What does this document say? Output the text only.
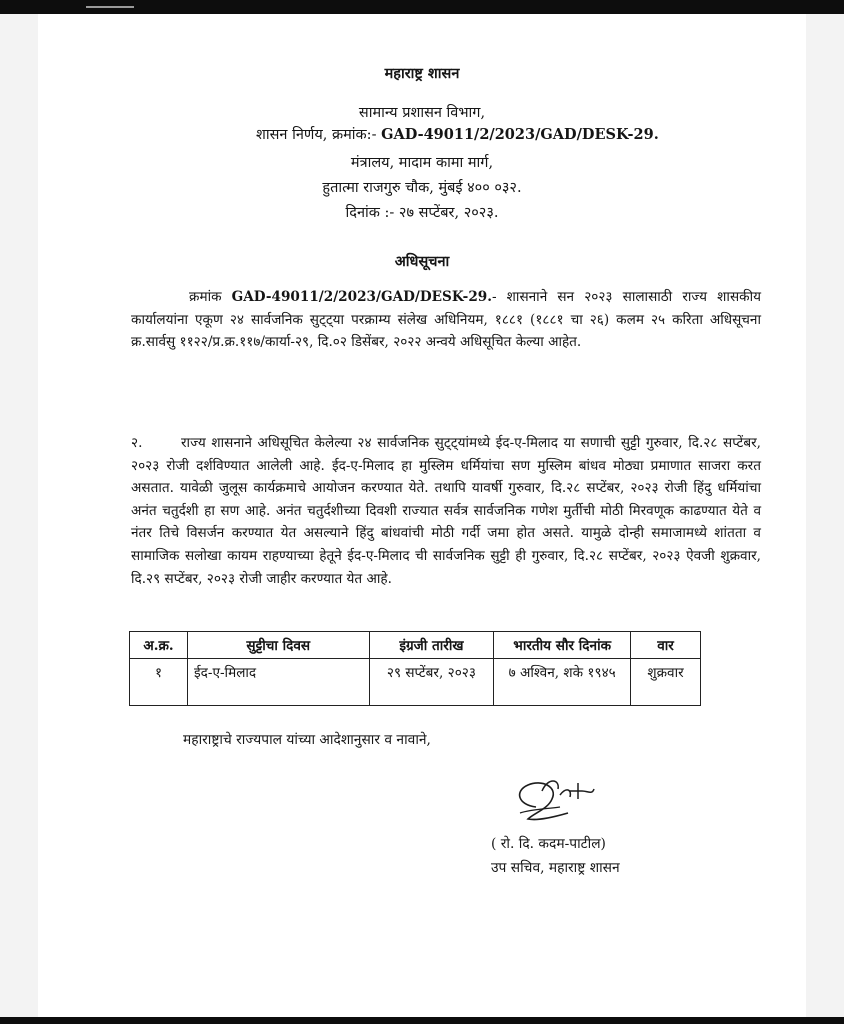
महाराष्ट्र शासन
सामान्य प्रशासन विभाग,
शासन निर्णय, क्रमांक:- GAD-49011/2/2023/GAD/DESK-29.
मंत्रालय, मादाम कामा मार्ग,
हुतात्मा राजगुरु चौक, मुंबई ४०० ०३२.
दिनांक :- २७ सप्टेंबर, २०२३.
अधिसूचना
क्रमांक GAD-49011/2/2023/GAD/DESK-29.- शासनाने सन २०२३ सालासाठी राज्य शासकीय कार्यालयांना एकूण २४ सार्वजनिक सुट्ट्या परक्राम्य संलेख अधिनियम, १८८१ (१८८१ चा २६) कलम २५ करिता अधिसूचना क्र.सार्वसु ११२२/प्र.क्र.११७/कार्या-२९, दि.०२ डिसेंबर, २०२२ अन्वये अधिसूचित केल्या आहेत.
२.	राज्य शासनाने अधिसूचित केलेल्या २४ सार्वजनिक सुट्ट्यांमध्ये ईद-ए-मिलाद या सणाची सुट्टी गुरुवार, दि.२८ सप्टेंबर, २०२३ रोजी दर्शविण्यात आलेली आहे. ईद-ए-मिलाद हा मुस्लिम धर्मियांचा सण मुस्लिम बांधव मोठ्या प्रमाणात साजरा करत असतात. यावेळी जुलूस कार्यक्रमाचे आयोजन करण्यात येते. तथापि यावर्षी गुरुवार, दि.२८ सप्टेंबर, २०२३ रोजी हिंदु धर्मियांचा अनंत चतुर्दशी हा सण आहे. अनंत चतुर्दशीच्या दिवशी राज्यात सर्वत्र सार्वजनिक गणेश मुर्तीची मोठी मिरवणूक काढण्यात येते व नंतर तिचे विसर्जन करण्यात येत असल्याने हिंदु बांधवांची मोठी गर्दी जमा होत असते. यामुळे दोन्ही समाजामध्ये शांतता व सामाजिक सलोखा कायम राहण्याच्या हेतूने ईद-ए-मिलाद ची सार्वजनिक सुट्टी ही गुरुवार, दि.२८ सप्टेंबर, २०२३ ऐवजी शुक्रवार, दि.२९ सप्टेंबर, २०२३ रोजी जाहीर करण्यात येत आहे.
अ.क्र.	सुट्टीचा दिवस	इंग्रजी तारीख	भारतीय सौर दिनांक	वार
१	ईद-ए-मिलाद	२९ सप्टेंबर, २०२३	७ अश्विन, शके १९४५	शुक्रवार
महाराष्ट्राचे राज्यपाल यांच्या आदेशानुसार व नावाने,
( रो. दि. कदम-पाटील)
उप सचिव, महाराष्ट्र शासन
